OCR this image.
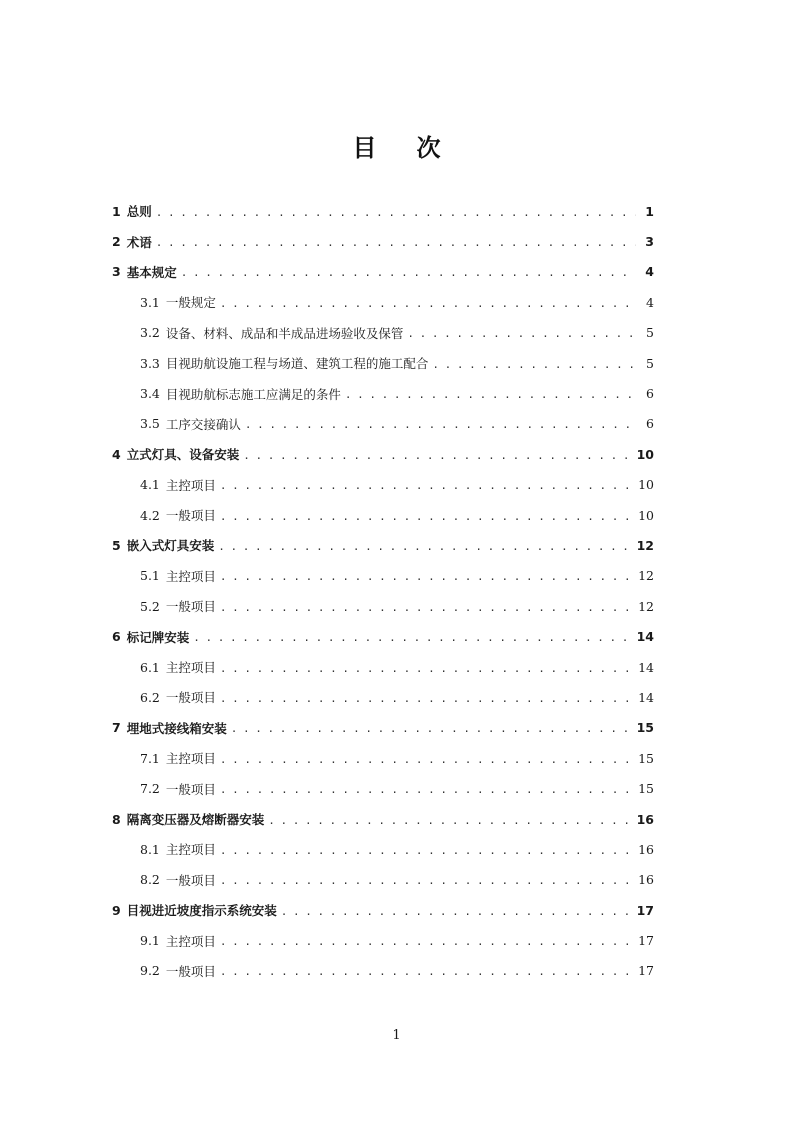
目次
1 总则 . . .	1
2 术语 . . .	3
3 基本规定 . . .	4
3.1 一般规定 . . .	4
3.2 设备、材料、成品和半成品进场验收及保管 . . .	5
3.3 目视助航设施工程与场道、建筑工程的施工配合 . . .	5
3.4 目视助航标志施工应满足的条件 . . .	6
3.5 工序交接确认 . . .	6
4 立式灯具、设备安装 . . .	10
4.1 主控项目 . . .	10
4.2 一般项目 . . .	10
5 嵌入式灯具安装 . . .	12
5.1 主控项目 . . .	12
5.2 一般项目 . . .	12
6 标记牌安装 . . .	14
6.1 主控项目 . . .	14
6.2 一般项目 . . .	14
7 埋地式接线箱安装 . . .	15
7.1 主控项目 . . .	15
7.2 一般项目 . . .	15
8 隔离变压器及熔断器安装 . . .	16
8.1 主控项目 . . .	16
8.2 一般项目 . . .	16
9 目视进近坡度指示系统安装 . . .	17
9.1 主控项目 . . .	17
9.2 一般项目 . . .	17
1
